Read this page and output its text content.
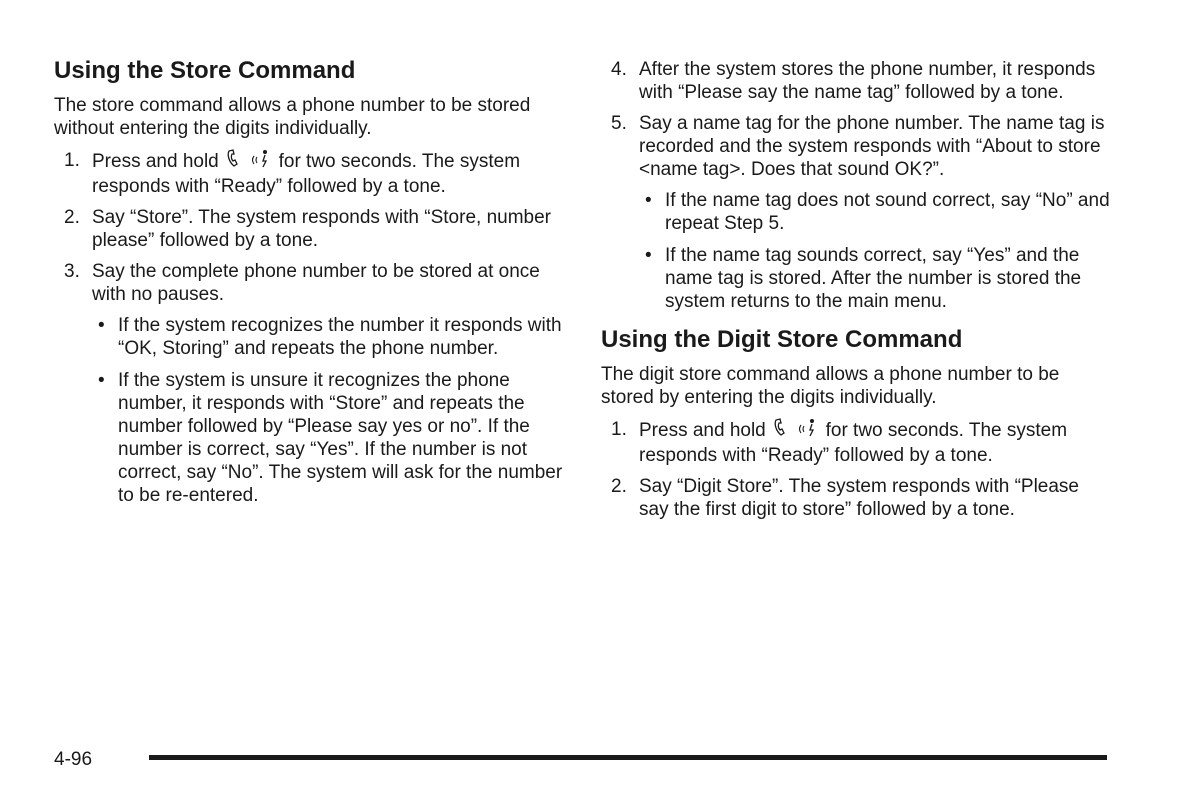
Using the Store Command

The store command allows a phone number to be stored without entering the digits individually.

1. Press and hold	for two seconds. The system responds with “Ready” followed by a tone.
2. Say “Store”. The system responds with “Store, number please” followed by a tone.
3. Say the complete phone number to be stored at once with no pauses.
• If the system recognizes the number it responds with “OK, Storing” and repeats the phone number.
• If the system is unsure it recognizes the phone number, it responds with “Store” and repeats the number followed by “Please say yes or no”. If the number is correct, say “Yes”. If the number is not correct, say “No”. The system will ask for the number to be re-entered.
4. After the system stores the phone number, it responds with “Please say the name tag” followed by a tone.
5. Say a name tag for the phone number. The name tag is recorded and the system responds with “About to store <name tag>. Does that sound OK?”.
• If the name tag does not sound correct, say “No” and repeat Step 5.
• If the name tag sounds correct, say “Yes” and the name tag is stored. After the number is stored the system returns to the main menu.
Using the Digit Store Command

The digit store command allows a phone number to be stored by entering the digits individually.

1. Press and hold	for two seconds. The system responds with “Ready” followed by a tone.
2. Say “Digit Store”. The system responds with “Please say the first digit to store” followed by a tone.
4-96
